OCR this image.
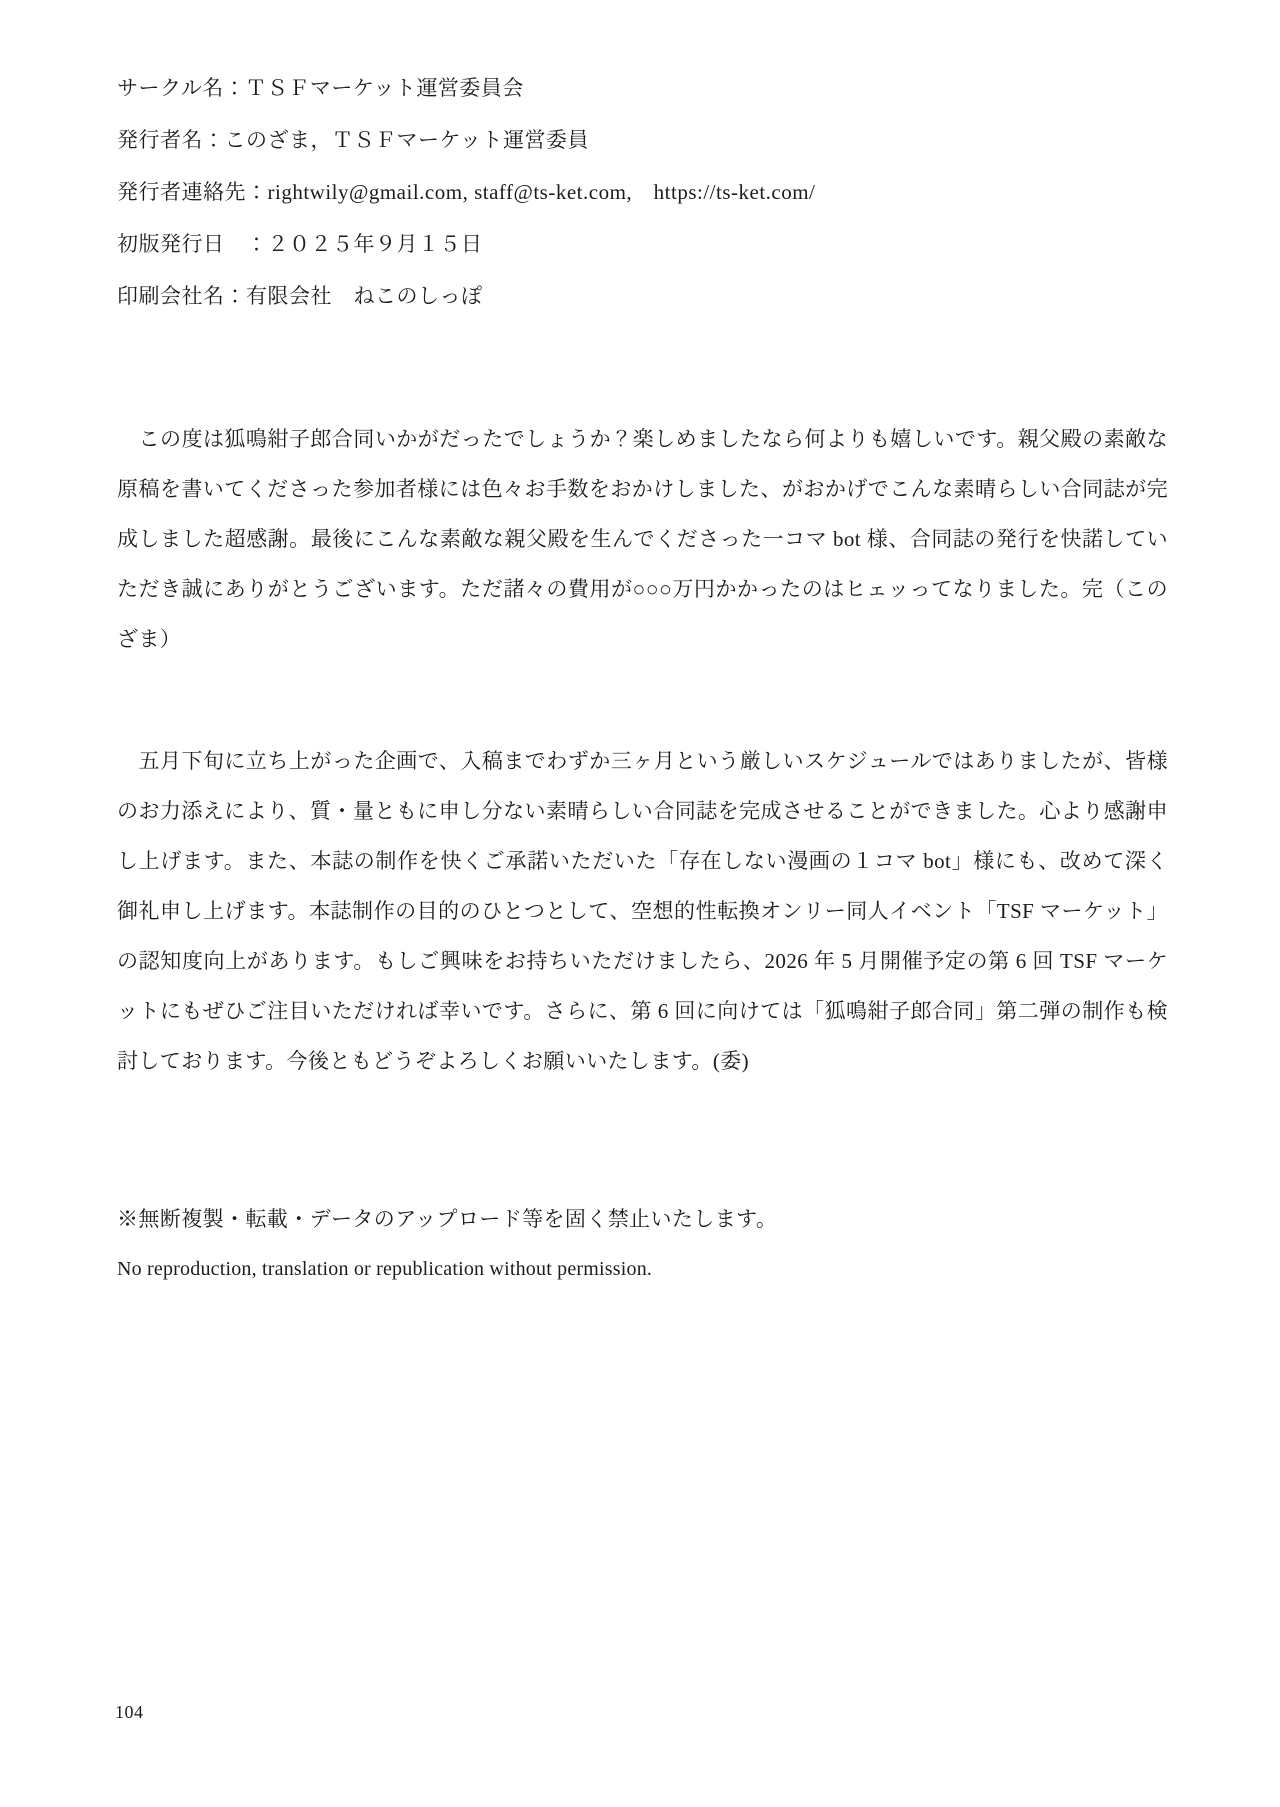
サークル名：ＴＳＦマーケット運営委員会

発行者名：このざま，ＴＳＦマーケット運営委員

発行者連絡先：rightwily@gmail.com, staff@ts-ket.com,　https://ts-ket.com/

初版発行日　：２０２５年９月１５日

印刷会社名：有限会社　ねこのしっぽ

　この度は狐鳴紺子郎合同いかがだったでしょうか？楽しめましたなら何よりも嬉しいです。親父殿の素敵な原稿を書いてくださった参加者様には色々お手数をおかけしました、がおかげでこんな素晴らしい合同誌が完成しました超感謝。最後にこんな素敵な親父殿を生んでくださった一コマ bot 様、合同誌の発行を快諾していただき誠にありがとうございます。ただ諸々の費用が○○○万円かかったのはヒェッってなりました。完（このざま）

　五月下旬に立ち上がった企画で、入稿までわずか三ヶ月という厳しいスケジュールではありましたが、皆様のお力添えにより、質・量ともに申し分ない素晴らしい合同誌を完成させることができました。心より感謝申し上げます。また、本誌の制作を快くご承諾いただいた「存在しない漫画の１コマ bot」様にも、改めて深く御礼申し上げます。本誌制作の目的のひとつとして、空想的性転換オンリー同人イベント「TSF マーケット」の認知度向上があります。もしご興味をお持ちいただけましたら、2026 年 5 月開催予定の第 6 回 TSF マーケットにもぜひご注目いただければ幸いです。さらに、第 6 回に向けては「狐鳴紺子郎合同」第二弾の制作も検討しております。今後ともどうぞよろしくお願いいたします。(委)

※無断複製・転載・データのアップロード等を固く禁止いたします。

No reproduction, translation or republication without permission.

104
